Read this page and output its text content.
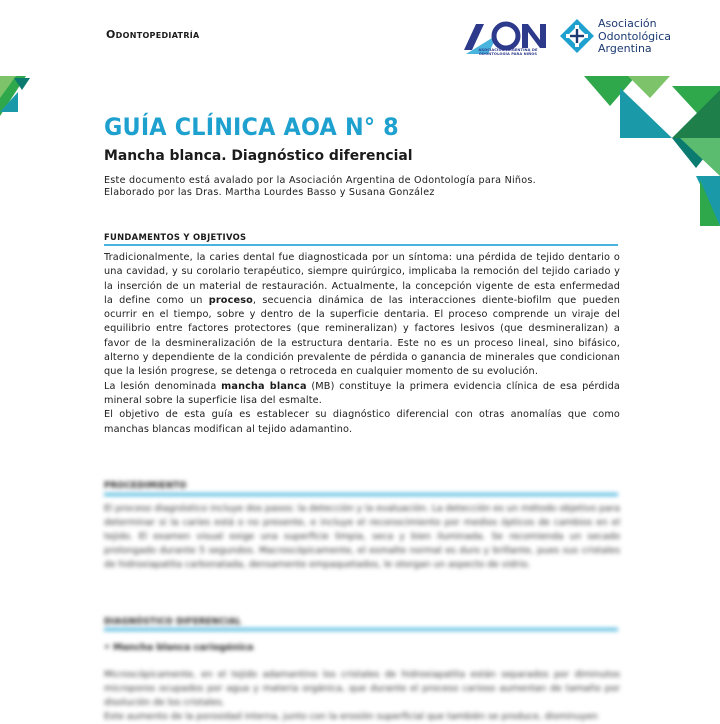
Odontopediatría
ASOCIACIÓN ARGENTINA DE
ODONTOLOGÍA PARA NIÑOS
Asociación
Odontológica
Argentina
GUÍA CLÍNICA AOA N° 8
Mancha blanca. Diagnóstico diferencial
Este documento está avalado por la Asociación Argentina de Odontología para Niños.
Elaborado por las Dras. Martha Lourdes Basso y Susana González
FUNDAMENTOS Y OBJETIVOS

Tradicionalmente, la caries dental fue diagnosticada por un síntoma: una pérdida de tejido dentario o una cavidad, y su corolario terapéutico, siempre quirúrgico, implicaba la remoción del tejido cariado y la inserción de un material de restauración. Actualmente, la concepción vigente de esta enfermedad la define como un proceso, secuencia dinámica de las interacciones diente-biofilm que pueden ocurrir en el tiempo, sobre y dentro de la superficie dentaria. El proceso comprende un viraje del equilibrio entre factores protectores (que remineralizan) y factores lesivos (que desmineralizan) a favor de la desmineralización de la estructura dentaria. Este no es un proceso lineal, sino bifásico, alterno y dependiente de la condición prevalente de pérdida o ganancia de minerales que condicionan que la lesión progrese, se detenga o retroceda en cualquier momento de su evolución.

La lesión denominada mancha blanca (MB) constituye la primera evidencia clínica de esa pérdida mineral sobre la superficie lisa del esmalte.

El objetivo de esta guía es establecer su diagnóstico diferencial con otras anomalías que como manchas blancas modifican al tejido adamantino.

PROCEDIMIENTO
El proceso diagnóstico incluye dos pasos: la detección y la evaluación. La detección es un método objetivo para determinar si la caries está o no presente, e incluye el reconocimiento por medios ópticos de cambios en el tejido. El examen visual exige una superficie limpia, seca y bien iluminada. Se recomienda un secado prolongado durante 5 segundos. Macroscópicamente, el esmalte normal es duro y brillante, pues sus cristales de hidroxiapatita carbonatada, densamente empaquetados, le otorgan un aspecto de vidrio.
DIAGNÓSTICO DIFERENCIAL
• Mancha blanca cariogénica

Microscópicamente, en el tejido adamantino los cristales de hidroxiapatita están separados por diminutos microporos ocupados por agua y materia orgánica, que durante el proceso carioso aumentan de tamaño por disolución de los cristales.

Este aumento de la porosidad interna, junto con la erosión superficial que también se produce, disminuyen
